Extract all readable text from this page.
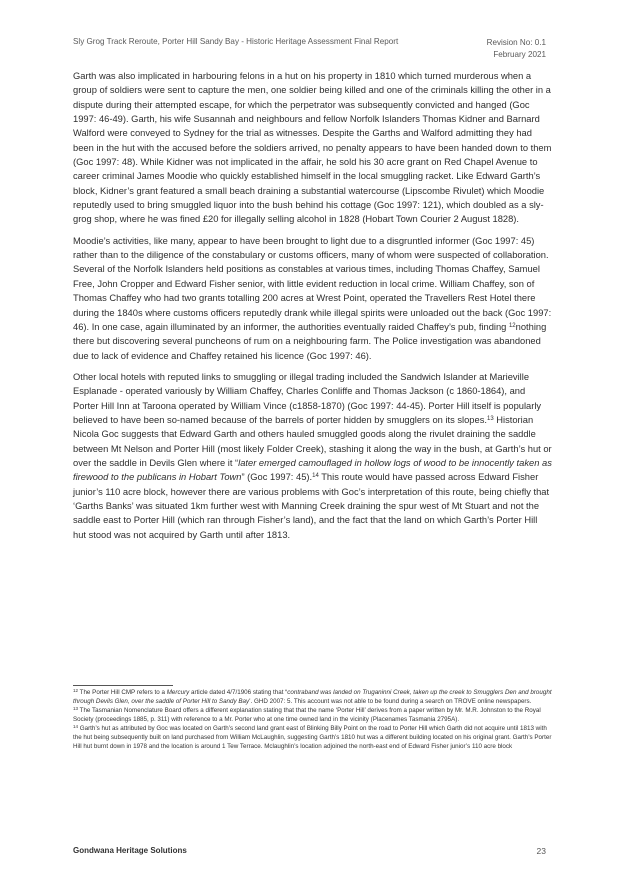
Sly Grog Track Reroute, Porter Hill Sandy Bay - Historic Heritage Assessment Final Report	Revision No: 0.1
February 2021

Garth was also implicated in harbouring felons in a hut on his property in 1810 which turned murderous when a group of soldiers were sent to capture the men, one soldier being killed and one of the criminals killing the other in a dispute during their attempted escape, for which the perpetrator was subsequently convicted and hanged (Goc 1997: 46-49). Garth, his wife Susannah and neighbours and fellow Norfolk Islanders Thomas Kidner and Barnard Walford were conveyed to Sydney for the trial as witnesses. Despite the Garths and Walford admitting they had been in the hut with the accused before the soldiers arrived, no penalty appears to have been handed down to them (Goc 1997: 48). While Kidner was not implicated in the affair, he sold his 30 acre grant on Red Chapel Avenue to career criminal James Moodie who quickly established himself in the local smuggling racket. Like Edward Garth’s block, Kidner’s grant featured a small beach draining a substantial watercourse (Lipscombe Rivulet) which Moodie reputedly used to bring smuggled liquor into the bush behind his cottage (Goc 1997: 121), which doubled as a sly-grog shop, where he was fined £20 for illegally selling alcohol in 1828 (Hobart Town Courier 2 August 1828).

Moodie’s activities, like many, appear to have been brought to light due to a disgruntled informer (Goc 1997: 45) rather than to the diligence of the constabulary or customs officers, many of whom were suspected of collaboration. Several of the Norfolk Islanders held positions as constables at various times, including Thomas Chaffey, Samuel Free, John Cropper and Edward Fisher senior, with little evident reduction in local crime. William Chaffey, son of Thomas Chaffey who had two grants totalling 200 acres at Wrest Point, operated the Travellers Rest Hotel there during the 1840s where customs officers reputedly drank while illegal spirits were unloaded out the back (Goc 1997: 46). In one case, again illuminated by an informer, the authorities eventually raided Chaffey’s pub, finding $^{12}$nothing there but discovering several puncheons of rum on a neighbouring farm. The Police investigation was abandoned due to lack of evidence and Chaffey retained his licence (Goc 1997: 46).

Other local hotels with reputed links to smuggling or illegal trading included the Sandwich Islander at Marieville Esplanade - operated variously by William Chaffey, Charles Conliffe and Thomas Jackson (c 1860-1864), and Porter Hill Inn at Taroona operated by William Vince (c1858-1870) (Goc 1997: 44-45). Porter Hill itself is popularly believed to have been so-named because of the barrels of porter hidden by smugglers on its slopes.$^{13}$ Historian Nicola Goc suggests that Edward Garth and others hauled smuggled goods along the rivulet draining the saddle between Mt Nelson and Porter Hill (most likely Folder Creek), stashing it along the way in the bush, at Garth’s hut or over the saddle in Devils Glen where it “later emerged camouflaged in hollow logs of wood to be innocently taken as firewood to the publicans in Hobart Town” (Goc 1997: 45).$^{14}$ This route would have passed across Edward Fisher junior’s 110 acre block, however there are various problems with Goc’s interpretation of this route, being chiefly that ‘Garths Banks’ was situated 1km further west with Manning Creek draining the spur west of Mt Stuart and not the saddle east to Porter Hill (which ran through Fisher’s land), and the fact that the land on which Garth’s Porter Hill hut stood was not acquired by Garth until after 1813.

$^{12}$ The Porter Hill CMP refers to a Mercury article dated 4/7/1906 stating that “contraband was landed on Truganinni Creek, taken up the creek to Smugglers Den and brought through Devils Glen, over the saddle of Porter Hill to Sandy Bay’. GHD 2007: 5. This account was not able to be found during a search on TROVE online newspapers.
$^{13}$ The Tasmanian Nomenclature Board offers a different explanation stating that that the name ‘Porter Hill’ derives from a paper written by Mr. M.R. Johnston to the Royal Society (proceedings 1885, p. 311) with reference to a Mr. Porter who at one time owned land in the vicinity (Placenames Tasmania 2795A).
$^{14}$ Garth’s hut as attributed by Goc was located on Garth’s second land grant east of Blinking Billy Point on the road to Porter Hill which Garth did not acquire until 1813 with the hut being subsequently built on land purchased from William McLaughlin, suggesting Garth’s 1810 hut was a different building located on his original grant. Garth’s Porter Hill hut burnt down in 1978 and the location is around 1 Tew Terrace. Mclaughlin’s location adjoined the north-east end of Edward Fisher junior’s 110 acre block
Gondwana Heritage Solutions	23
